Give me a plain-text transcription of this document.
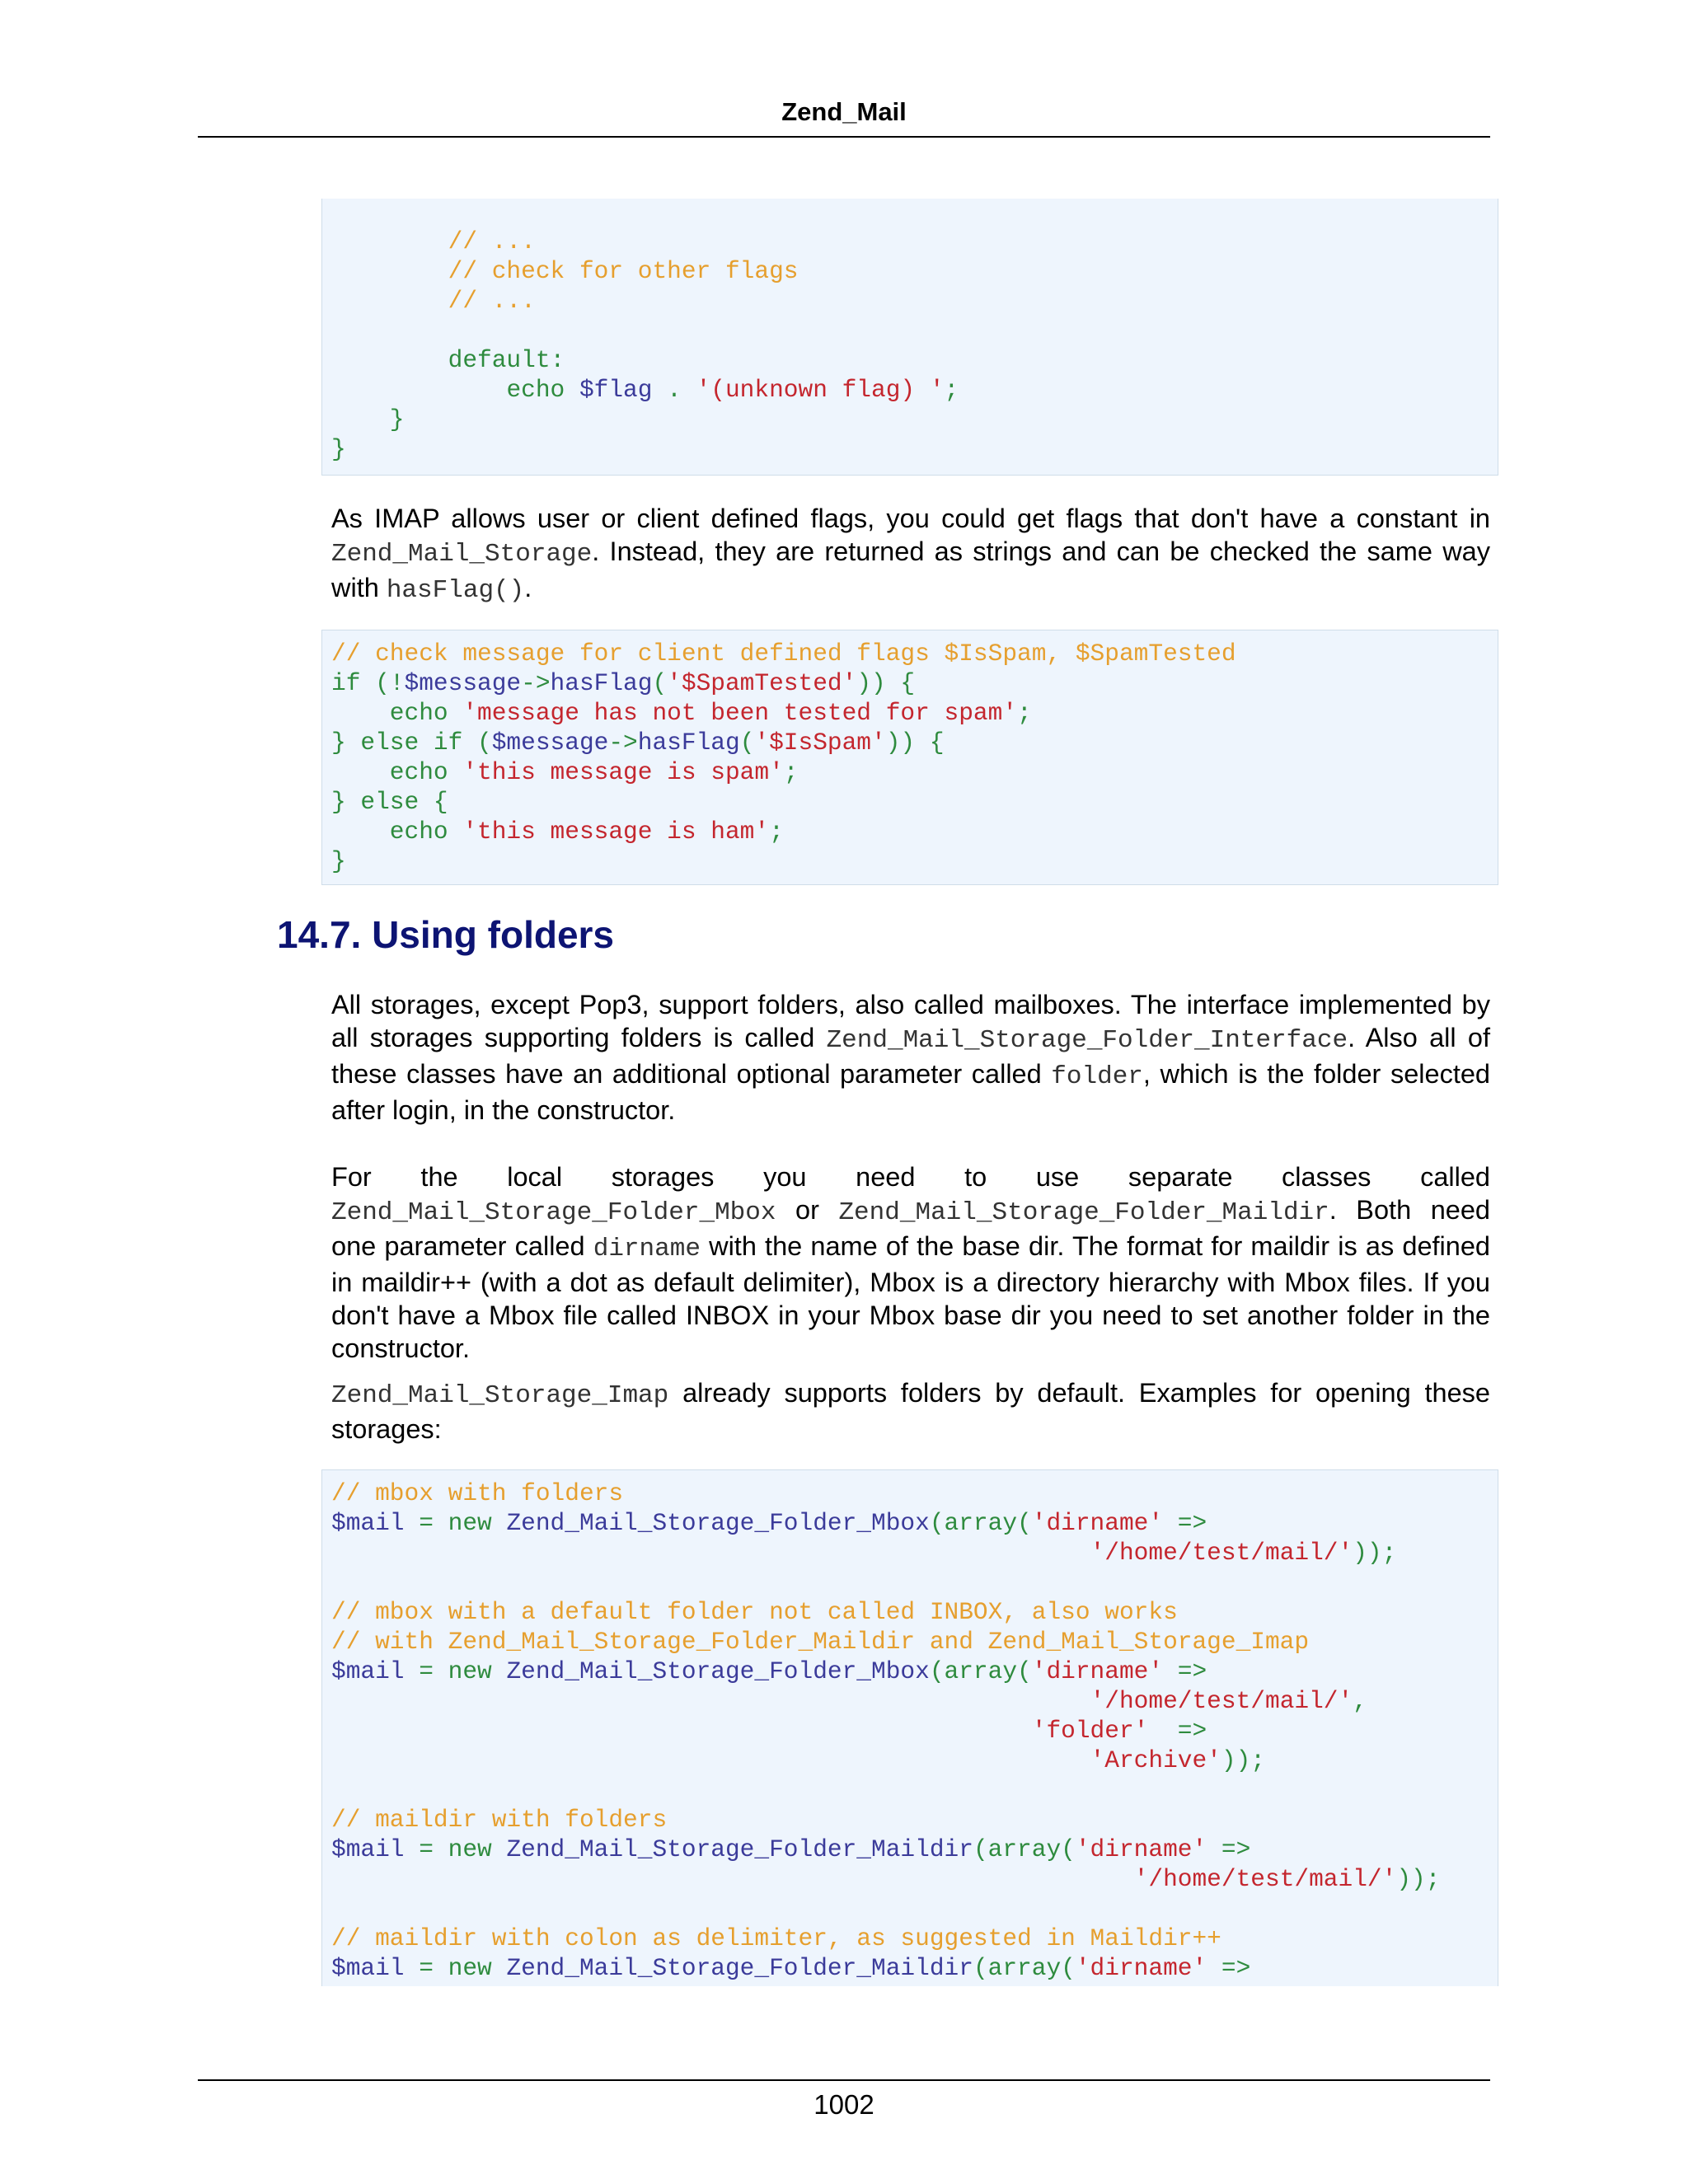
Zend_Mail
// ...
// check for other flags
// ...
default:
echo $flag . '(unknown flag) ';
}
}

As IMAP allows user or client defined flags, you could get flags that don't have a constant in Zend_Mail_Storage. Instead, they are returned as strings and can be checked the same way with hasFlag().

// check message for client defined flags $IsSpam, $SpamTested
if (!$message->hasFlag('$SpamTested')) {
echo 'message has not been tested for spam';
} else if ($message->hasFlag('$IsSpam')) {
echo 'this message is spam';
} else {
echo 'this message is ham';
}
14.7. Using folders

All storages, except Pop3, support folders, also called mailboxes. The interface implemented by all storages supporting folders is called Zend_Mail_Storage_Folder_Interface. Also all of these classes have an additional optional parameter called folder, which is the folder selected after login, in the constructor.

For the local storages you need to use separate classes called Zend_Mail_Storage_Folder_Mbox or Zend_Mail_Storage_Folder_Maildir. Both need one parameter called dirname with the name of the base dir. The format for maildir is as defined in maildir++ (with a dot as default delimiter), Mbox is a directory hierarchy with Mbox files. If you don't have a Mbox file called INBOX in your Mbox base dir you need to set another folder in the constructor.

Zend_Mail_Storage_Imap already supports folders by default. Examples for opening these storages:

// mbox with folders
$mail = new Zend_Mail_Storage_Folder_Mbox(array('dirname' =>
'/home/test/mail/'));
// mbox with a default folder not called INBOX, also works
// with Zend_Mail_Storage_Folder_Maildir and Zend_Mail_Storage_Imap
$mail = new Zend_Mail_Storage_Folder_Mbox(array('dirname' =>
'/home/test/mail/',
'folder'  =>
'Archive'));
// maildir with folders
$mail = new Zend_Mail_Storage_Folder_Maildir(array('dirname' =>
'/home/test/mail/'));
// maildir with colon as delimiter, as suggested in Maildir++
$mail = new Zend_Mail_Storage_Folder_Maildir(array('dirname' =>
1002
